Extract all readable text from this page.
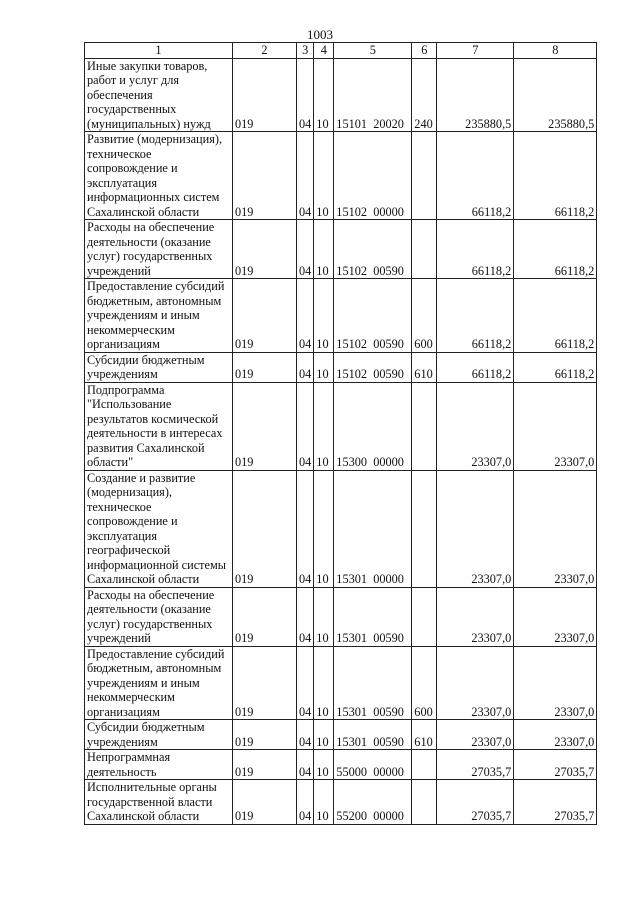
1003
1	2	3	4	5	6	7	8
Иные закупки товаров, работ и услуг для обеспечения государственных (муниципальных) нужд	019	04	10	15101  20020	240	235880,5	235880,5
Развитие (модернизация), техническое сопровождение и эксплуатация информационных систем Сахалинской области	019	04	10	15102  00000		66118,2	66118,2
Расходы на обеспечение деятельности (оказание услуг) государственных учреждений	019	04	10	15102  00590		66118,2	66118,2
Предоставление субсидий бюджетным, автономным учреждениям и иным некоммерческим организациям	019	04	10	15102  00590	600	66118,2	66118,2
Субсидии бюджетным учреждениям	019	04	10	15102  00590	610	66118,2	66118,2
Подпрограмма "Использование результатов космической деятельности в интересах развития Сахалинской области"	019	04	10	15300  00000		23307,0	23307,0
Создание и развитие (модернизация), техническое сопровождение и эксплуатация географической информационной системы Сахалинской области	019	04	10	15301  00000		23307,0	23307,0
Расходы на обеспечение деятельности (оказание услуг) государственных учреждений	019	04	10	15301  00590		23307,0	23307,0
Предоставление субсидий бюджетным, автономным учреждениям и иным некоммерческим организациям	019	04	10	15301  00590	600	23307,0	23307,0
Субсидии бюджетным учреждениям	019	04	10	15301  00590	610	23307,0	23307,0
Непрограммная деятельность	019	04	10	55000  00000		27035,7	27035,7
Исполнительные органы государственной власти Сахалинской области	019	04	10	55200  00000		27035,7	27035,7
